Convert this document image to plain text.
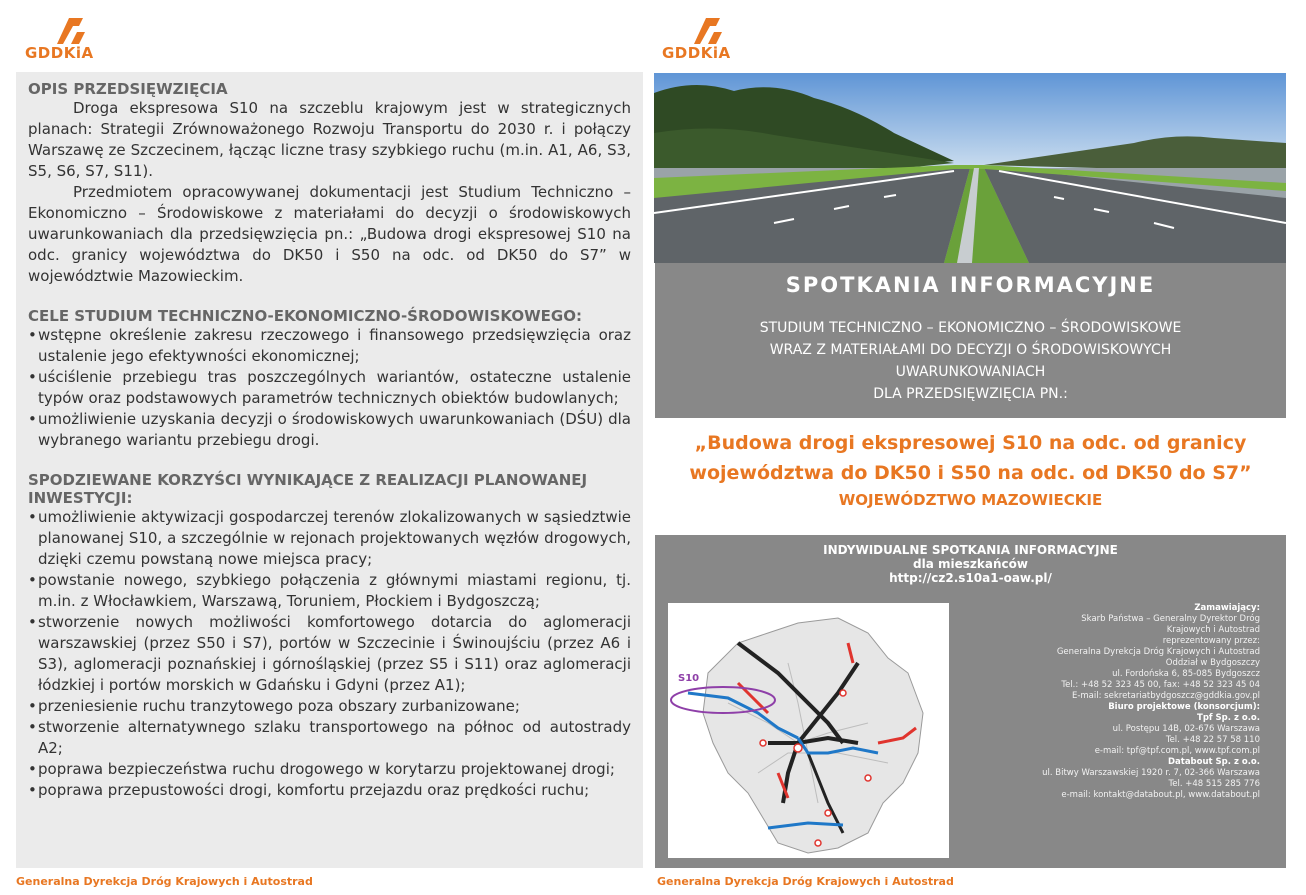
GDDKiA	GDDKiA
OPIS PRZEDSIĘWZIĘCIA

Droga ekspresowa S10 na szczeblu krajowym jest w strategicznych planach: Strategii Zrównoważonego Rozwoju Transportu do 2030 r. i połączy Warszawę ze Szczecinem, łącząc liczne trasy szybkiego ruchu (m.in. A1, A6, S3, S5, S6, S7, S11).

Przedmiotem opracowywanej dokumentacji jest Studium Techniczno – Ekonomiczno – Środowiskowe z materiałami do decyzji o środowiskowych uwarunkowaniach dla przedsięwzięcia pn.: „Budowa drogi ekspresowej S10 na odc. granicy województwa do DK50 i S50 na odc. od DK50 do S7” w województwie Mazowieckim.

CELE STUDIUM TECHNICZNO-EKONOMICZNO-ŚRODOWISKOWEGO:
• wstępne określenie zakresu rzeczowego i finansowego przedsięwzięcia oraz ustalenie jego efektywności ekonomicznej;
• uściślenie przebiegu tras poszczególnych wariantów, ostateczne ustalenie typów oraz podstawowych parametrów technicznych obiektów budowlanych;
• umożliwienie uzyskania decyzji o środowiskowych uwarunkowaniach (DŚU) dla wybranego wariantu przebiegu drogi.
SPODZIEWANE KORZYŚCI WYNIKAJĄCE Z REALIZACJI PLANOWANEJ INWESTYCJI:
• umożliwienie aktywizacji gospodarczej terenów zlokalizowanych w sąsiedztwie planowanej S10, a szczególnie w rejonach projektowanych węzłów drogowych, dzięki czemu powstaną nowe miejsca pracy;
• powstanie nowego, szybkiego połączenia z głównymi miastami regionu, tj. m.in. z Włocławkiem, Warszawą, Toruniem, Płockiem i Bydgoszczą;
• stworzenie nowych możliwości komfortowego dotarcia do aglomeracji warszawskiej (przez S50 i S7), portów w Szczecinie i Świnoujściu (przez A6 i S3), aglomeracji poznańskiej i górnośląskiej (przez S5 i S11) oraz aglomeracji łódzkiej i portów morskich w Gdańsku i Gdyni (przez A1);
• przeniesienie ruchu tranzytowego poza obszary zurbanizowane;
• stworzenie alternatywnego szlaku transportowego na północ od autostrady A2;
• poprawa bezpieczeństwa ruchu drogowego w korytarzu projektowanej drogi;
• poprawa przepustowości drogi, komfortu przejazdu oraz prędkości ruchu;
Generalna Dyrekcja Dróg Krajowych i Autostrad	Generalna Dyrekcja Dróg Krajowych i Autostrad
SPOTKANIA INFORMACYJNE
STUDIUM TECHNICZNO – EKONOMICZNO – ŚRODOWISKOWE
WRAZ Z MATERIAŁAMI DO DECYZJI O ŚRODOWISKOWYCH
UWARUNKOWANIACH
DLA PRZEDSIĘWZIĘCIA PN.:
„Budowa drogi ekspresowej S10 na odc. od granicy
województwa do DK50 i S50 na odc. od DK50 do S7”
WOJEWÓDZTWO MAZOWIECKIE
INDYWIDUALNE SPOTKANIA INFORMACYJNE
dla mieszkańców
http://cz2.s10a1-oaw.pl/
S10
Zamawiający:
Skarb Państwa – Generalny Dyrektor Dróg
Krajowych i Autostrad
reprezentowany przez:
Generalna Dyrekcja Dróg Krajowych i Autostrad
Oddział w Bydgoszczy
ul. Fordońska 6, 85-085 Bydgoszcz
Tel.: +48 52 323 45 00, fax: +48 52 323 45 04
E-mail: sekretariatbydgoszcz@gddkia.gov.pl
Biuro projektowe (konsorcjum):
Tpf Sp. z o.o.
ul. Postępu 14B, 02-676 Warszawa
Tel. +48 22 57 58 110
e-mail: tpf@tpf.com.pl, www.tpf.com.pl
Databout Sp. z o.o.
ul. Bitwy Warszawskiej 1920 r. 7, 02-366 Warszawa
Tel. +48 515 285 776
e-mail: kontakt@databout.pl, www.databout.pl
